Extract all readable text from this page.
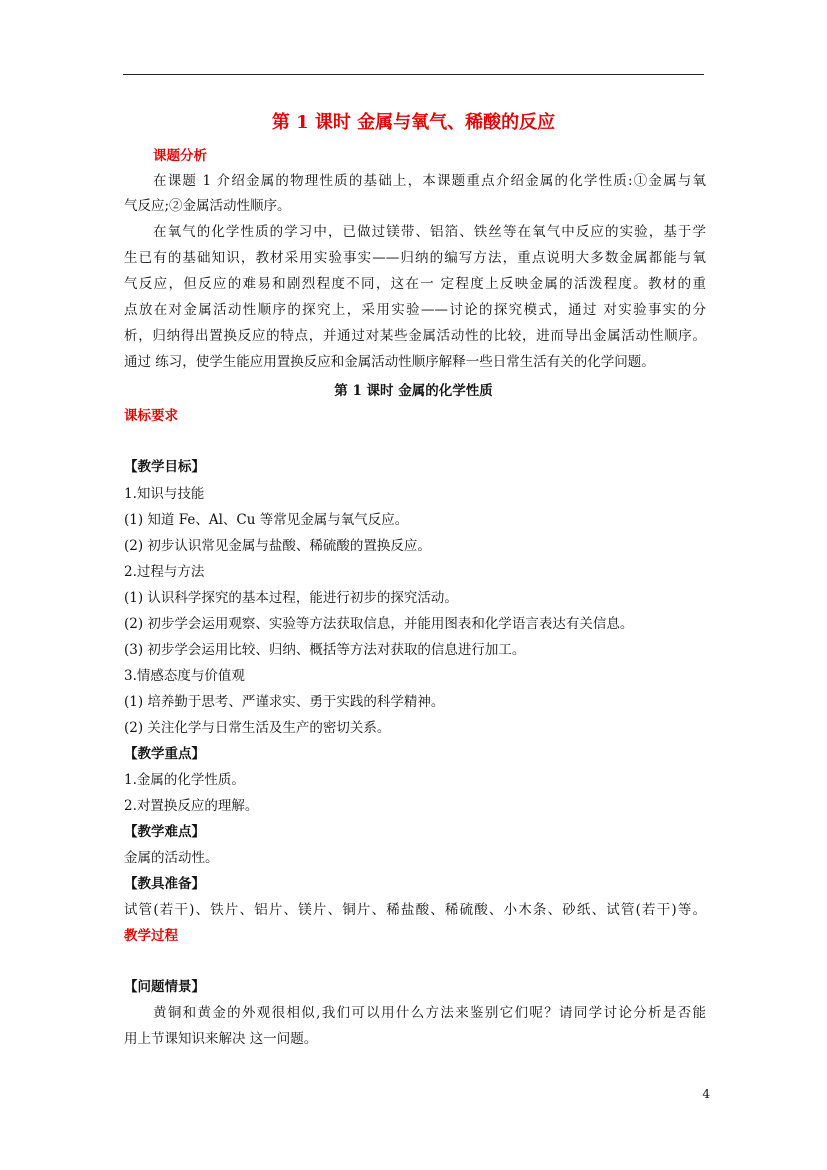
第 1 课时 金属与氧气、稀酸的反应
课题分析
在课题 1 介绍金属的物理性质的基础上，本课题重点介绍金属的化学性质:①金属与氧
气反应;②金属活动性顺序。
在氧气的化学性质的学习中，已做过镁带、铝箔、铁丝等在氧气中反应的实验，基于学
生已有的基础知识，教材采用实验事实——归纳的编写方法，重点说明大多数金属都能与氧
气反应，但反应的难易和剧烈程度不同，这在一 定程度上反映金属的活泼程度。教材的重
点放在对金属活动性顺序的探究上，采用实验——讨论的探究模式，通过 对实验事实的分
析，归纳得出置换反应的特点，并通过对某些金属活动性的比较，进而导出金属活动性顺序。
通过 练习，使学生能应用置换反应和金属活动性顺序解释一些日常生活有关的化学问题。
第 1 课时 金属的化学性质
课标要求
【教学目标】
1.知识与技能
(1) 知道 Fe、Al、Cu 等常见金属与氧气反应。
(2) 初步认识常见金属与盐酸、稀硫酸的置换反应。
2.过程与方法
(1) 认识科学探究的基本过程，能进行初步的探究活动。
(2) 初步学会运用观察、实验等方法获取信息，并能用图表和化学语言表达有关信息。
(3) 初步学会运用比较、归纳、概括等方法对获取的信息进行加工。
3.情感态度与价值观
(1) 培养勤于思考、严谨求实、勇于实践的科学精神。
(2) 关注化学与日常生活及生产的密切关系。
【教学重点】
1.金属的化学性质。
2.对置换反应的理解。
【教学难点】
金属的活动性。
【教具准备】
试管(若干)、铁片、铝片、镁片、铜片、稀盐酸、稀硫酸、小木条、砂纸、试管(若干)等。
教学过程
【问题情景】
黄铜和黄金的外观很相似,我们可以用什么方法来鉴别它们呢？请同学讨论分析是否能
用上节课知识来解决 这一问题。
4
